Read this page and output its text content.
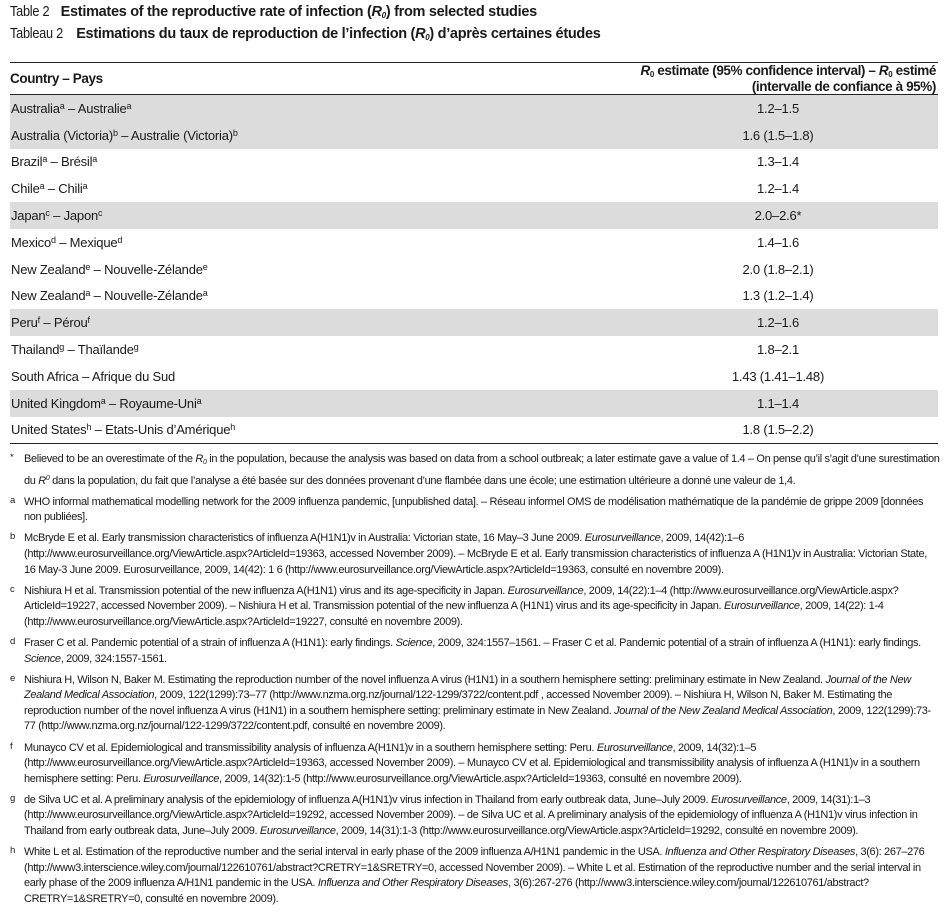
Table 2 Estimates of the reproductive rate of infection $(R_0)$ from selected studies
Tableau 2 Estimations du taux de reproduction de l’infection $(R_0)$ d’après certaines études
Country – Pays	$R_0$ estimate (95% confidence interval) – $R_0$ estimé (intervalle de confiance à 95%)
Australia$^a$ – Australie$^a$	1.2–1.5
Australia (Victoria)$^b$ – Australie (Victoria)$^b$	1.6 (1.5–1.8)
Brazil$^a$ – Brésil$^a$	1.3–1.4
Chile$^a$ – Chili$^a$	1.2–1.4
Japan$^c$ – Japon$^c$	2.0–2.6*
Mexico$^d$ – Mexique$^d$	1.4–1.6
New Zealand$^e$ – Nouvelle-Zélande$^e$	2.0 (1.8–2.1)
New Zealand$^a$ – Nouvelle-Zélande$^a$	1.3 (1.2–1.4)
Peru$^f$ – Pérou$^f$	1.2–1.6
Thailand$^g$ – Thaïlande$^g$	1.8–2.1
South Africa – Afrique du Sud	1.43 (1.41–1.48)
United Kingdom$^a$ – Royaume-Uni$^a$	1.1–1.4
United States$^h$ – Etats-Unis d’Amérique$^h$	1.8 (1.5–2.2)
* Believed to be an overestimate of the $R_0$ in the population, because the analysis was based on data from a school outbreak; a later estimate gave a value of 1.4 – On pense qu’il s’agit d’une surestimation du $R^0$ dans la population, du fait que l’analyse a été basée sur des données provenant d’une flambée dans une école; une estimation ultérieure a donné une valeur de 1,4.
a WHO informal mathematical modelling network for the 2009 influenza pandemic, [unpublished data]. – Réseau informel OMS de modélisation mathématique de la pandémie de grippe 2009 [données non publiées].
b McBryde E et al. Early transmission characteristics of influenza A(H1N1)v in Australia: Victorian state, 16 May–3 June 2009. Eurosurveillance, 2009, 14(42):1–6 (http://www.eurosurveillance.org/ViewArticle.aspx?ArticleId=19363, accessed November 2009). – McBryde E et al. Early transmission characteristics of influenza A (H1N1)v in Australia: Victorian State, 16 May-3 June 2009. Eurosurveillance, 2009, 14(42): 1 6 (http://www.eurosurveillance.org/ViewArticle.aspx?ArticleId=19363, consulté en novembre 2009).
c Nishiura H et al. Transmission potential of the new influenza A(H1N1) virus and its age-specificity in Japan. Eurosurveillance, 2009, 14(22):1–4 (http://www.eurosurveillance.org/ViewArticle.aspx?ArticleId=19227, accessed November 2009). – Nishiura H et al. Transmission potential of the new influenza A (H1N1) virus and its age-specificity in Japan. Eurosurveillance, 2009, 14(22): 1-4 (http://www.eurosurveillance.org/ViewArticle.aspx?ArticleId=19227, consulté en novembre 2009).
d Fraser C et al. Pandemic potential of a strain of influenza A (H1N1): early findings. Science, 2009, 324:1557–1561. – Fraser C et al. Pandemic potential of a strain of influenza A (H1N1): early findings. Science, 2009, 324:1557-1561.
e Nishiura H, Wilson N, Baker M. Estimating the reproduction number of the novel influenza A virus (H1N1) in a southern hemisphere setting: preliminary estimate in New Zealand. Journal of the New Zealand Medical Association, 2009, 122(1299):73–77 (http://www.nzma.org.nz/journal/122-1299/3722/content.pdf , accessed November 2009). – Nishiura H, Wilson N, Baker M. Estimating the reproduction number of the novel influenza A virus (H1N1) in a southern hemisphere setting: preliminary estimate in New Zealand. Journal of the New Zealand Medical Association, 2009, 122(1299):73-77 (http://www.nzma.org.nz/journal/122-1299/3722/content.pdf, consulté en novembre 2009).
f Munayco CV et al. Epidemiological and transmissibility analysis of influenza A(H1N1)v in a southern hemisphere setting: Peru. Eurosurveillance, 2009, 14(32):1–5 (http://www.eurosurveillance.org/ViewArticle.aspx?ArticleId=19363, accessed November 2009). – Munayco CV et al. Epidemiological and transmissibility analysis of influenza A (H1N1)v in a southern hemisphere setting: Peru. Eurosurveillance, 2009, 14(32):1-5 (http://www.eurosurveillance.org/ViewArticle.aspx?ArticleId=19363, consulté en novembre 2009).
g de Silva UC et al. A preliminary analysis of the epidemiology of influenza A(H1N1)v virus infection in Thailand from early outbreak data, June–July 2009. Eurosurveillance, 2009, 14(31):1–3 (http://www.eurosurveillance.org/ViewArticle.aspx?ArticleId=19292, accessed November 2009). – de Silva UC et al. A preliminary analysis of the epidemiology of influenza A (H1N1)v virus infection in Thailand from early outbreak data, June–July 2009. Eurosurveillance, 2009, 14(31):1-3 (http://www.eurosurveillance.org/ViewArticle.aspx?ArticleId=19292, consulté en novembre 2009).
h White L et al. Estimation of the reproductive number and the serial interval in early phase of the 2009 influenza A/H1N1 pandemic in the USA. Influenza and Other Respiratory Diseases, 3(6): 267–276 (http://www3.interscience.wiley.com/journal/122610761/abstract?CRETRY=1&SRETRY=0, accessed November 2009). – White L et al. Estimation of the reproductive number and the serial interval in early phase of the 2009 influenza A/H1N1 pandemic in the USA. Influenza and Other Respiratory Diseases, 3(6):267-276 (http://www3.interscience.wiley.com/journal/122610761/abstract?CRETRY=1&SRETRY=0, consulté en novembre 2009).
